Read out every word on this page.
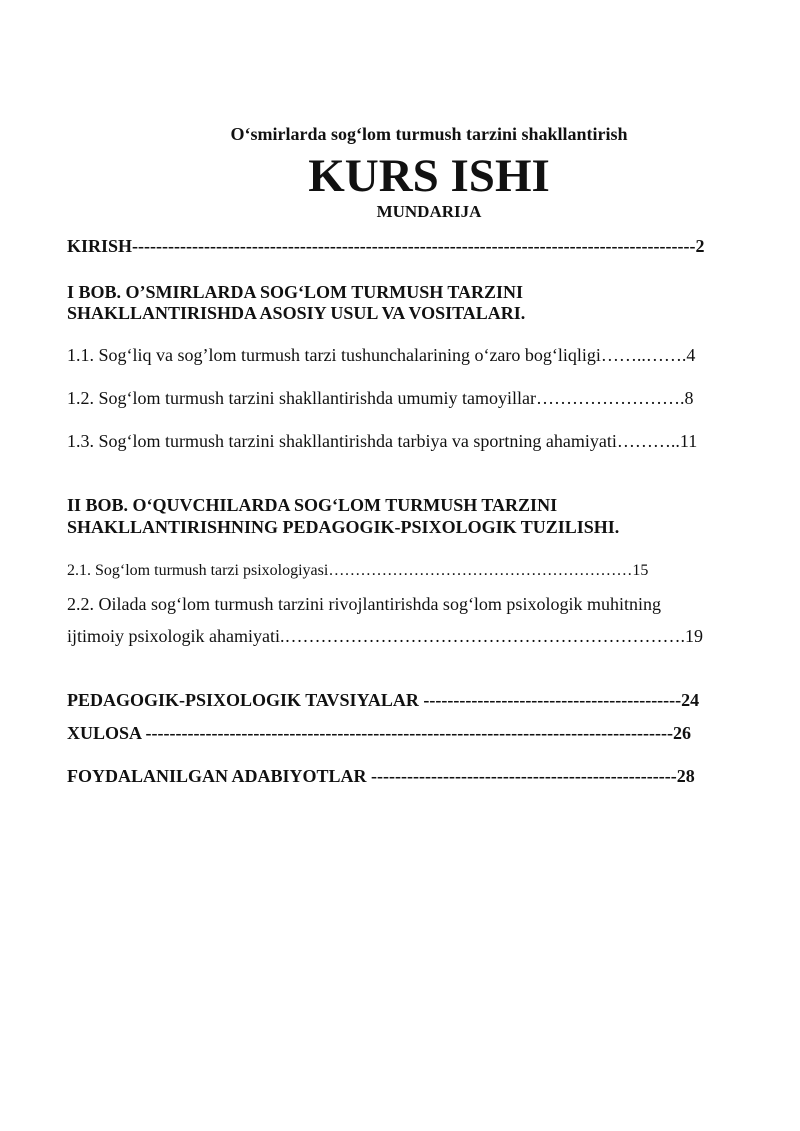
O‘smirlarda sog‘lom turmush tarzini shakllantirish
KURS ISHI
MUNDARIJA
KIRISH----------------------------------------------------------------------------------------------2
I BOB. O’SMIRLARDA SOG‘LOM TURMUSH TARZINI
SHAKLLANTIRISHDA ASOSIY USUL VA VOSITALARI.
1.1. Sog‘liq va sog’lom turmush tarzi tushunchalarining o‘zaro bog‘liqligi……..…….4
1.2. Sog‘lom turmush tarzini shakllantirishda umumiy tamoyillar…………………….8
1.3. Sog‘lom turmush tarzini shakllantirishda tarbiya va sportning ahamiyati………..11
II BOB. O‘QUVCHILARDA SOG‘LOM TURMUSH TARZINI
SHAKLLANTIRISHNING PEDAGOGIK-PSIXOLOGIK TUZILISHI.
2.1. Sog‘lom turmush tarzi psixologiyasi…………………………………………………15
2.2. Oilada sog‘lom turmush tarzini rivojlantirishda sog‘lom psixologik muhitning
ijtimoiy psixologik ahamiyati.………………………………………………………….19
PEDAGOGIK-PSIXOLOGIK TAVSIYALAR -------------------------------------------24
XULOSA ----------------------------------------------------------------------------------------26
FOYDALANILGAN ADABIYOTLAR ---------------------------------------------------28
